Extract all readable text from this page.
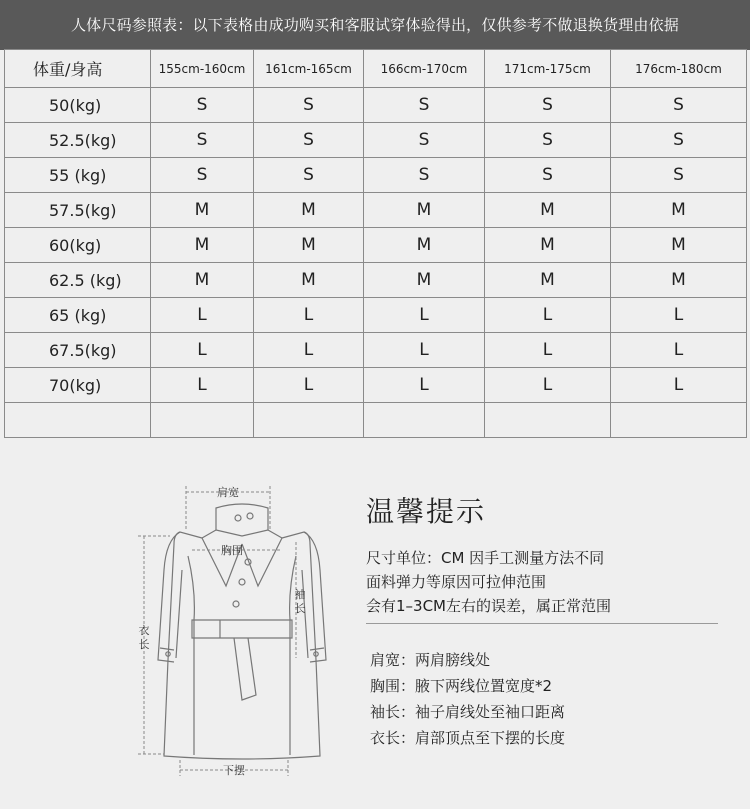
人体尺码参照表：以下表格由成功购买和客服试穿体验得出，仅供参考不做退换货理由依据
体重/身高	155cm-160cm	161cm-165cm	166cm-170cm	171cm-175cm	176cm-180cm
50(kg)	S	S	S	S	S
52.5(kg)	S	S	S	S	S
55 (kg)	S	S	S	S	S
57.5(kg)	M	M	M	M	M
60(kg)	M	M	M	M	M
62.5 (kg)	M	M	M	M	M
65 (kg)	L	L	L	L	L
67.5(kg)	L	L	L	L	L
70(kg)	L	L	L	L	L

肩宽
胸围
袖
长
衣
长
下摆
温馨提示
尺寸单位：CM 因手工测量方法不同
面料弹力等原因可拉伸范围
会有1–3CM左右的误差，属正常范围
肩宽：两肩膀线处
胸围：腋下两线位置宽度*2
袖长：袖子肩线处至袖口距离
衣长：肩部顶点至下摆的长度
